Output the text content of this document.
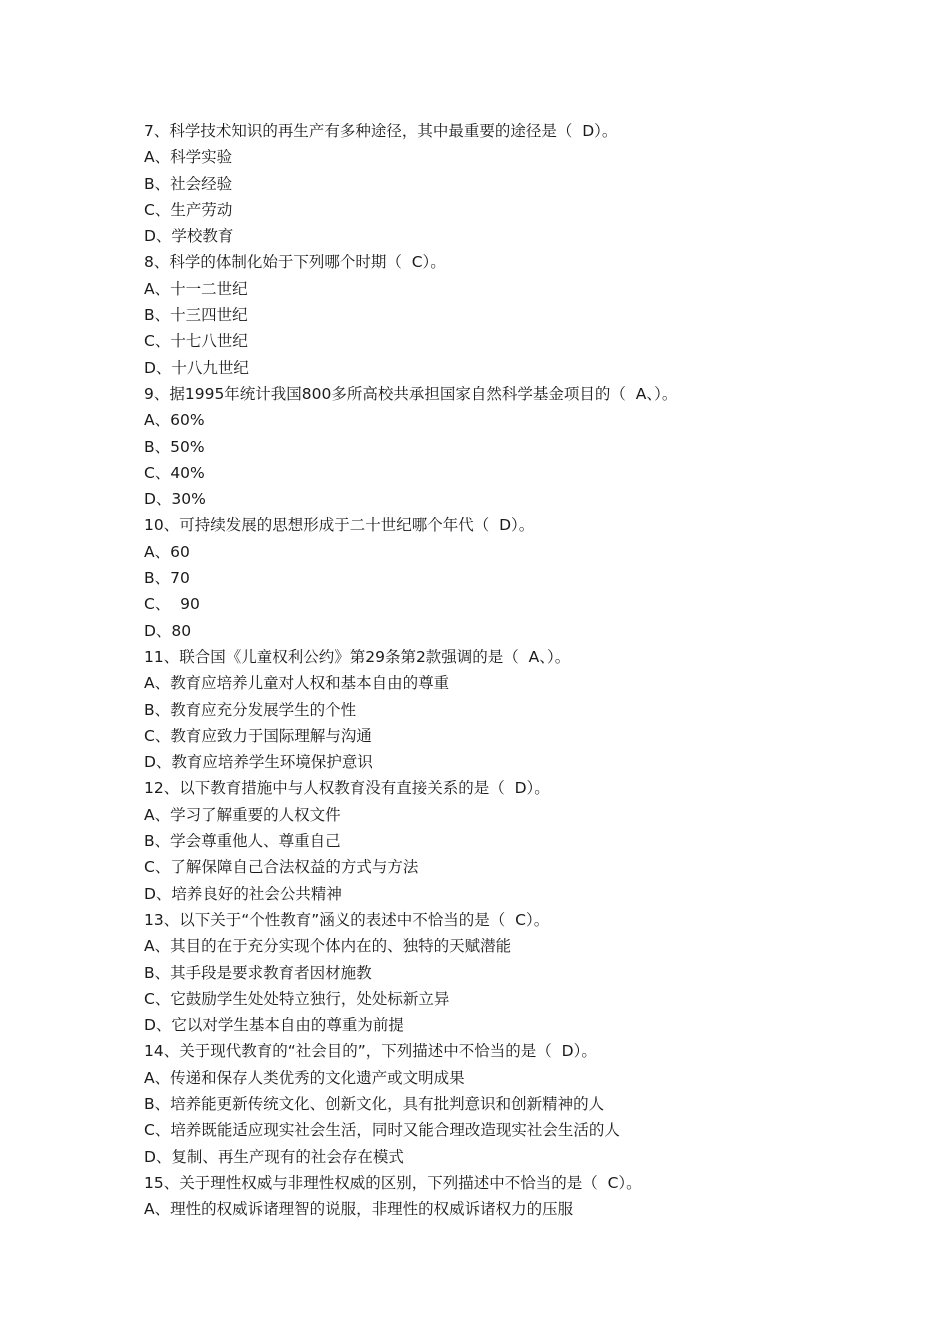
7、科学技术知识的再生产有多种途径，其中最重要的途径是（  D）。
A、科学实验
B、社会经验
C、生产劳动
D、学校教育
8、科学的体制化始于下列哪个时期（  C）。
A、十一二世纪
B、十三四世纪
C、十七八世纪
D、十八九世纪
9、据1995年统计我国800多所高校共承担国家自然科学基金项目的（  A、）。
A、60%
B、50%
C、40%
D、30%
10、可持续发展的思想形成于二十世纪哪个年代（  D）。
A、60
B、70
C、  90
D、80
11、联合国《儿童权利公约》第29条第2款强调的是（  A、）。
A、教育应培养儿童对人权和基本自由的尊重
B、教育应充分发展学生的个性
C、教育应致力于国际理解与沟通
D、教育应培养学生环境保护意识
12、以下教育措施中与人权教育没有直接关系的是（  D）。
A、学习了解重要的人权文件
B、学会尊重他人、尊重自己
C、了解保障自己合法权益的方式与方法
D、培养良好的社会公共精神
13、以下关于“个性教育”涵义的表述中不恰当的是（  C）。
A、其目的在于充分实现个体内在的、独特的天赋潜能
B、其手段是要求教育者因材施教
C、它鼓励学生处处特立独行，处处标新立异
D、它以对学生基本自由的尊重为前提
14、关于现代教育的“社会目的”，下列描述中不恰当的是（  D）。
A、传递和保存人类优秀的文化遗产或文明成果
B、培养能更新传统文化、创新文化，具有批判意识和创新精神的人
C、培养既能适应现实社会生活，同时又能合理改造现实社会生活的人
D、复制、再生产现有的社会存在模式
15、关于理性权威与非理性权威的区别，下列描述中不恰当的是（  C）。
A、理性的权威诉诸理智的说服，非理性的权威诉诸权力的压服
